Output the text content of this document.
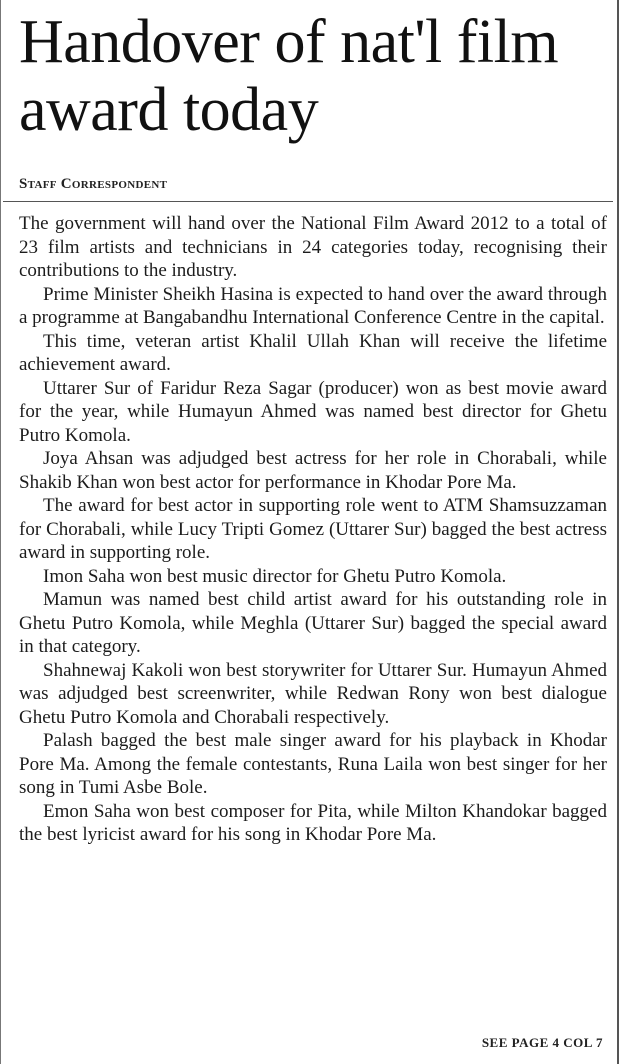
Handover of nat'l film award today
Staff Correspondent

The government will hand over the National Film Award 2012 to a total of 23 film artists and technicians in 24 categories today, recognising their contributions to the industry.

Prime Minister Sheikh Hasina is expected to hand over the award through a programme at Bangabandhu International Conference Centre in the capital.

This time, veteran artist Khalil Ullah Khan will receive the lifetime achievement award.

Uttarer Sur of Faridur Reza Sagar (producer) won as best movie award for the year, while Humayun Ahmed was named best director for Ghetu Putro Komola.

Joya Ahsan was adjudged best actress for her role in Chorabali, while Shakib Khan won best actor for performance in Khodar Pore Ma.

The award for best actor in supporting role went to ATM Shamsuzzaman for Chorabali, while Lucy Tripti Gomez (Uttarer Sur) bagged the best actress award in supporting role.

Imon Saha won best music director for Ghetu Putro Komola.

Mamun was named best child artist award for his outstanding role in Ghetu Putro Komola, while Meghla (Uttarer Sur) bagged the special award in that category.

Shahnewaj Kakoli won best storywriter for Uttarer Sur. Humayun Ahmed was adjudged best screenwriter, while Redwan Rony won best dialogue Ghetu Putro Komola and Chorabali respectively.

Palash bagged the best male singer award for his playback in Khodar Pore Ma. Among the female contestants, Runa Laila won best singer for her song in Tumi Asbe Bole.

Emon Saha won best composer for Pita, while Milton Khandokar bagged the best lyricist award for his song in Khodar Pore Ma.

SEE PAGE 4 COL 7
